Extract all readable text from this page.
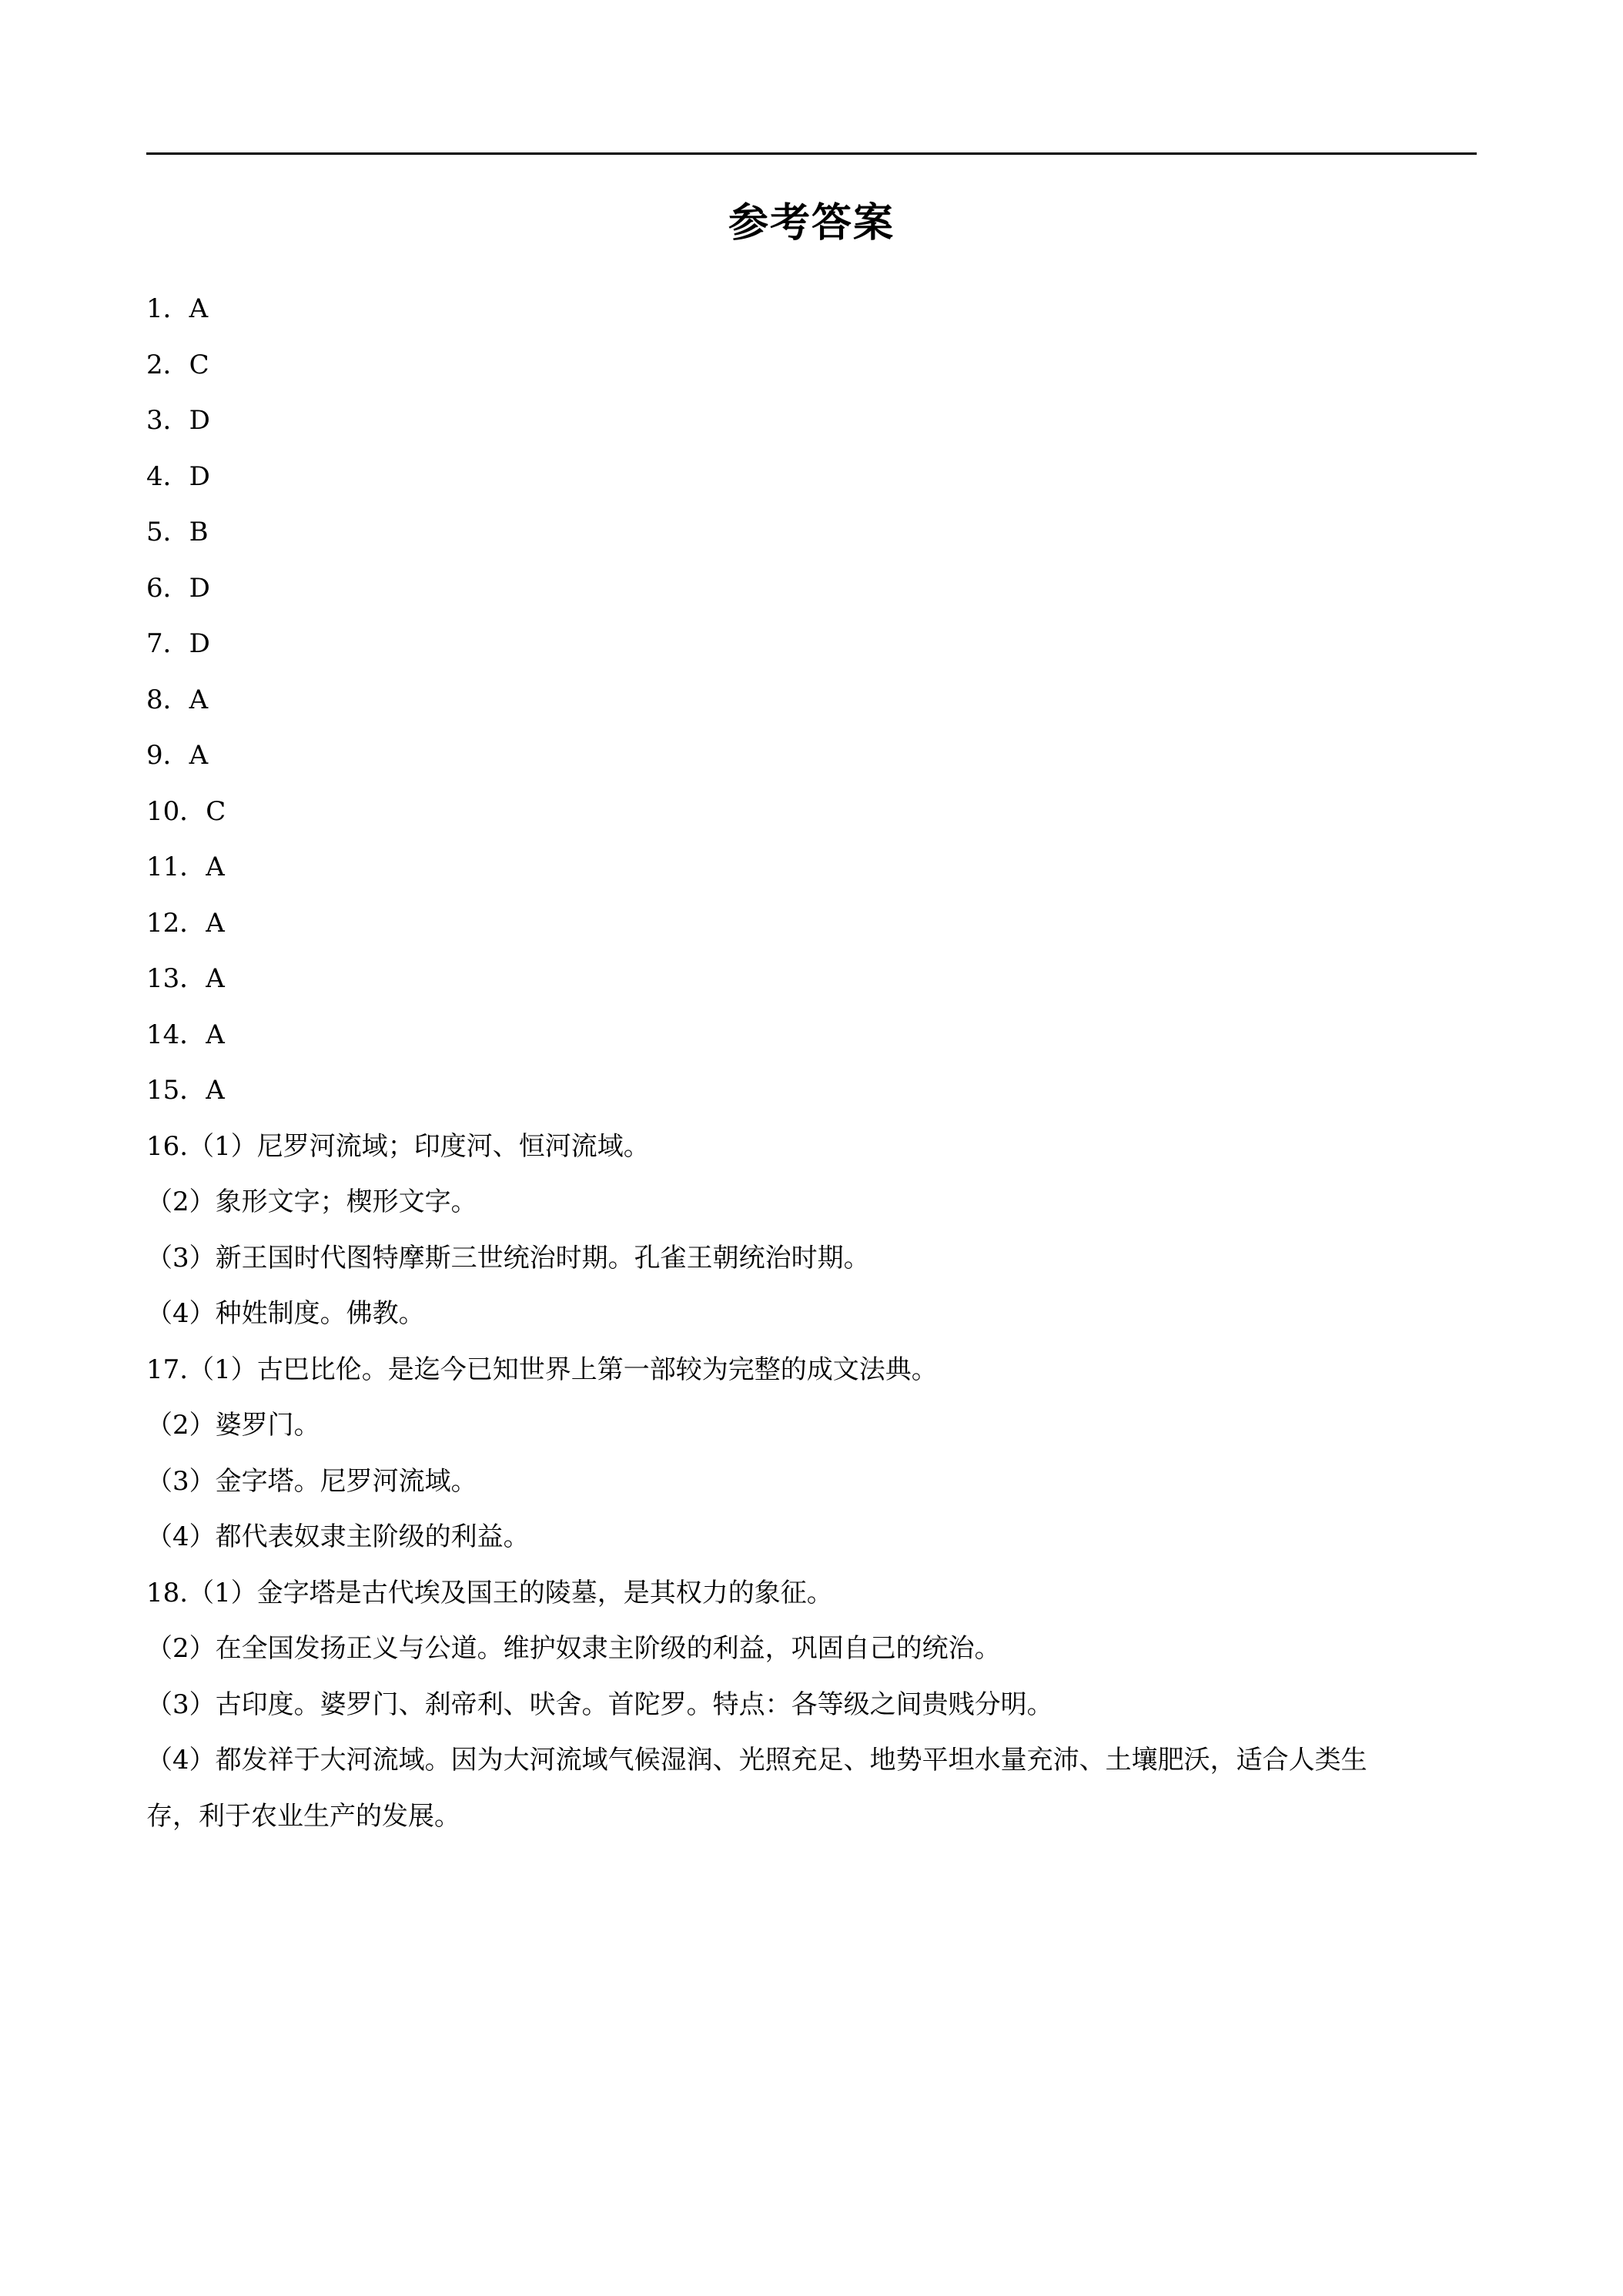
参考答案
1．A
2．C
3．D
4．D
5．B
6．D
7．D
8．A
9．A
10．C
11．A
12．A
13．A
14．A
15．A
16.（1）尼罗河流域；印度河、恒河流域。
（2）象形文字；楔形文字。
（3）新王国时代图特摩斯三世统治时期。孔雀王朝统治时期。
（4）种姓制度。佛教。
17.（1）古巴比伦。是迄今已知世界上第一部较为完整的成文法典。
（2）婆罗门。
（3）金字塔。尼罗河流域。
（4）都代表奴隶主阶级的利益。
18.（1）金字塔是古代埃及国王的陵墓，是其权力的象征。
（2）在全国发扬正义与公道。维护奴隶主阶级的利益，巩固自己的统治。
（3）古印度。婆罗门、刹帝利、吠舍。首陀罗。特点：各等级之间贵贱分明。
（4）都发祥于大河流域。因为大河流域气候湿润、光照充足、地势平坦水量充沛、土壤肥沃，适合人类生
存，利于农业生产的发展。
